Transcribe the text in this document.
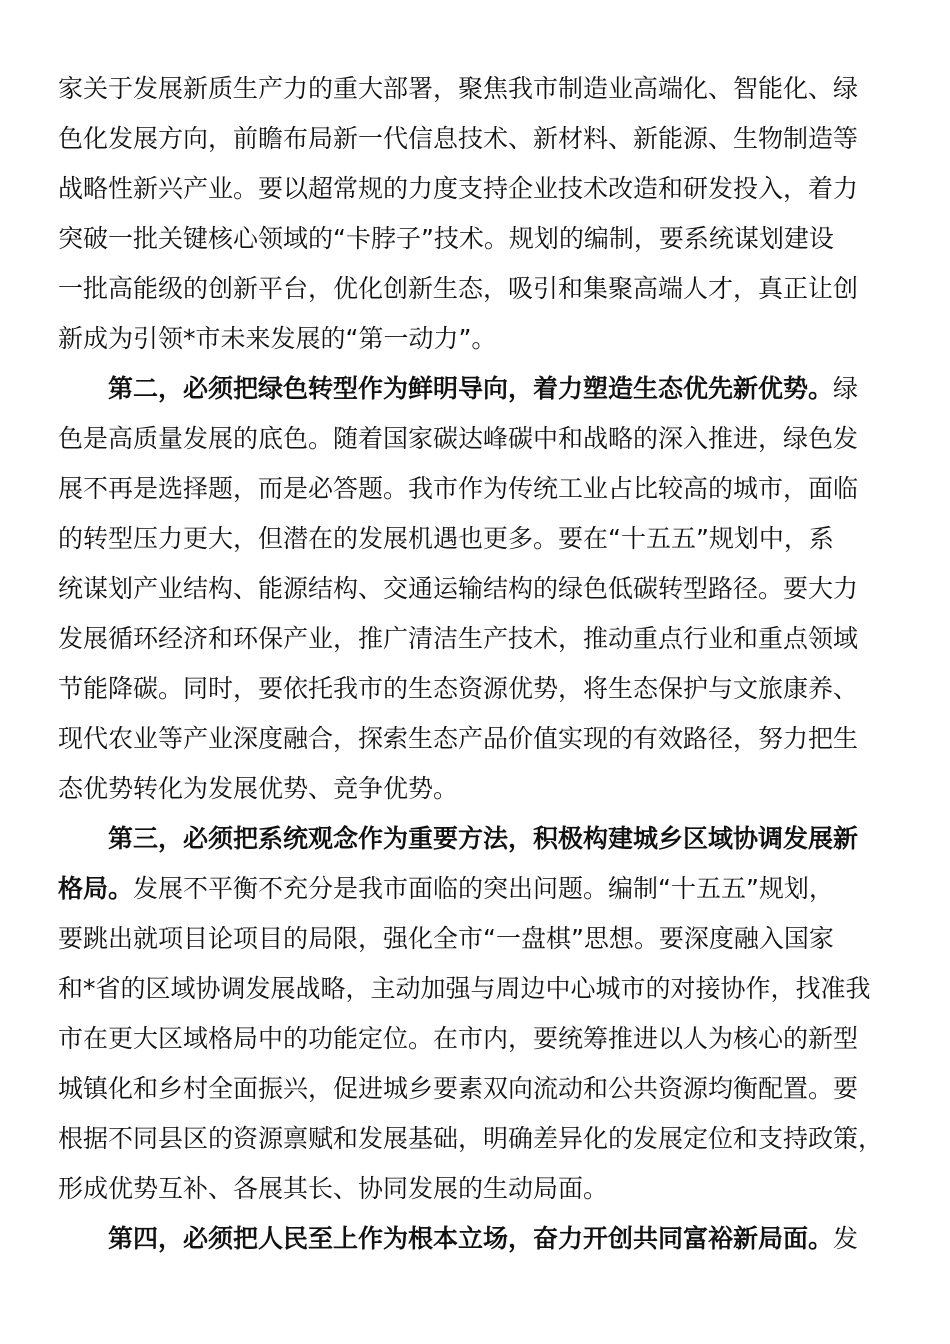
家关于发展新质生产力的重大部署，聚焦我市制造业高端化、智能化、绿
色化发展方向，前瞻布局新一代信息技术、新材料、新能源、生物制造等
战略性新兴产业。要以超常规的力度支持企业技术改造和研发投入，着力
突破一批关键核心领域的“卡脖子”技术。规划的编制，要系统谋划建设
一批高能级的创新平台，优化创新生态，吸引和集聚高端人才，真正让创
新成为引领*市未来发展的“第一动力”。
第二，必须把绿色转型作为鲜明导向，着力塑造生态优先新优势。绿
色是高质量发展的底色。随着国家碳达峰碳中和战略的深入推进，绿色发
展不再是选择题，而是必答题。我市作为传统工业占比较高的城市，面临
的转型压力更大，但潜在的发展机遇也更多。要在“十五五”规划中，系
统谋划产业结构、能源结构、交通运输结构的绿色低碳转型路径。要大力
发展循环经济和环保产业，推广清洁生产技术，推动重点行业和重点领域
节能降碳。同时，要依托我市的生态资源优势，将生态保护与文旅康养、
现代农业等产业深度融合，探索生态产品价值实现的有效路径，努力把生
态优势转化为发展优势、竞争优势。
第三，必须把系统观念作为重要方法，积极构建城乡区域协调发展新
格局。发展不平衡不充分是我市面临的突出问题。编制“十五五”规划，
要跳出就项目论项目的局限，强化全市“一盘棋”思想。要深度融入国家
和*省的区域协调发展战略，主动加强与周边中心城市的对接协作，找准我
市在更大区域格局中的功能定位。在市内，要统筹推进以人为核心的新型
城镇化和乡村全面振兴，促进城乡要素双向流动和公共资源均衡配置。要
根据不同县区的资源禀赋和发展基础，明确差异化的发展定位和支持政策，
形成优势互补、各展其长、协同发展的生动局面。
第四，必须把人民至上作为根本立场，奋力开创共同富裕新局面。发
